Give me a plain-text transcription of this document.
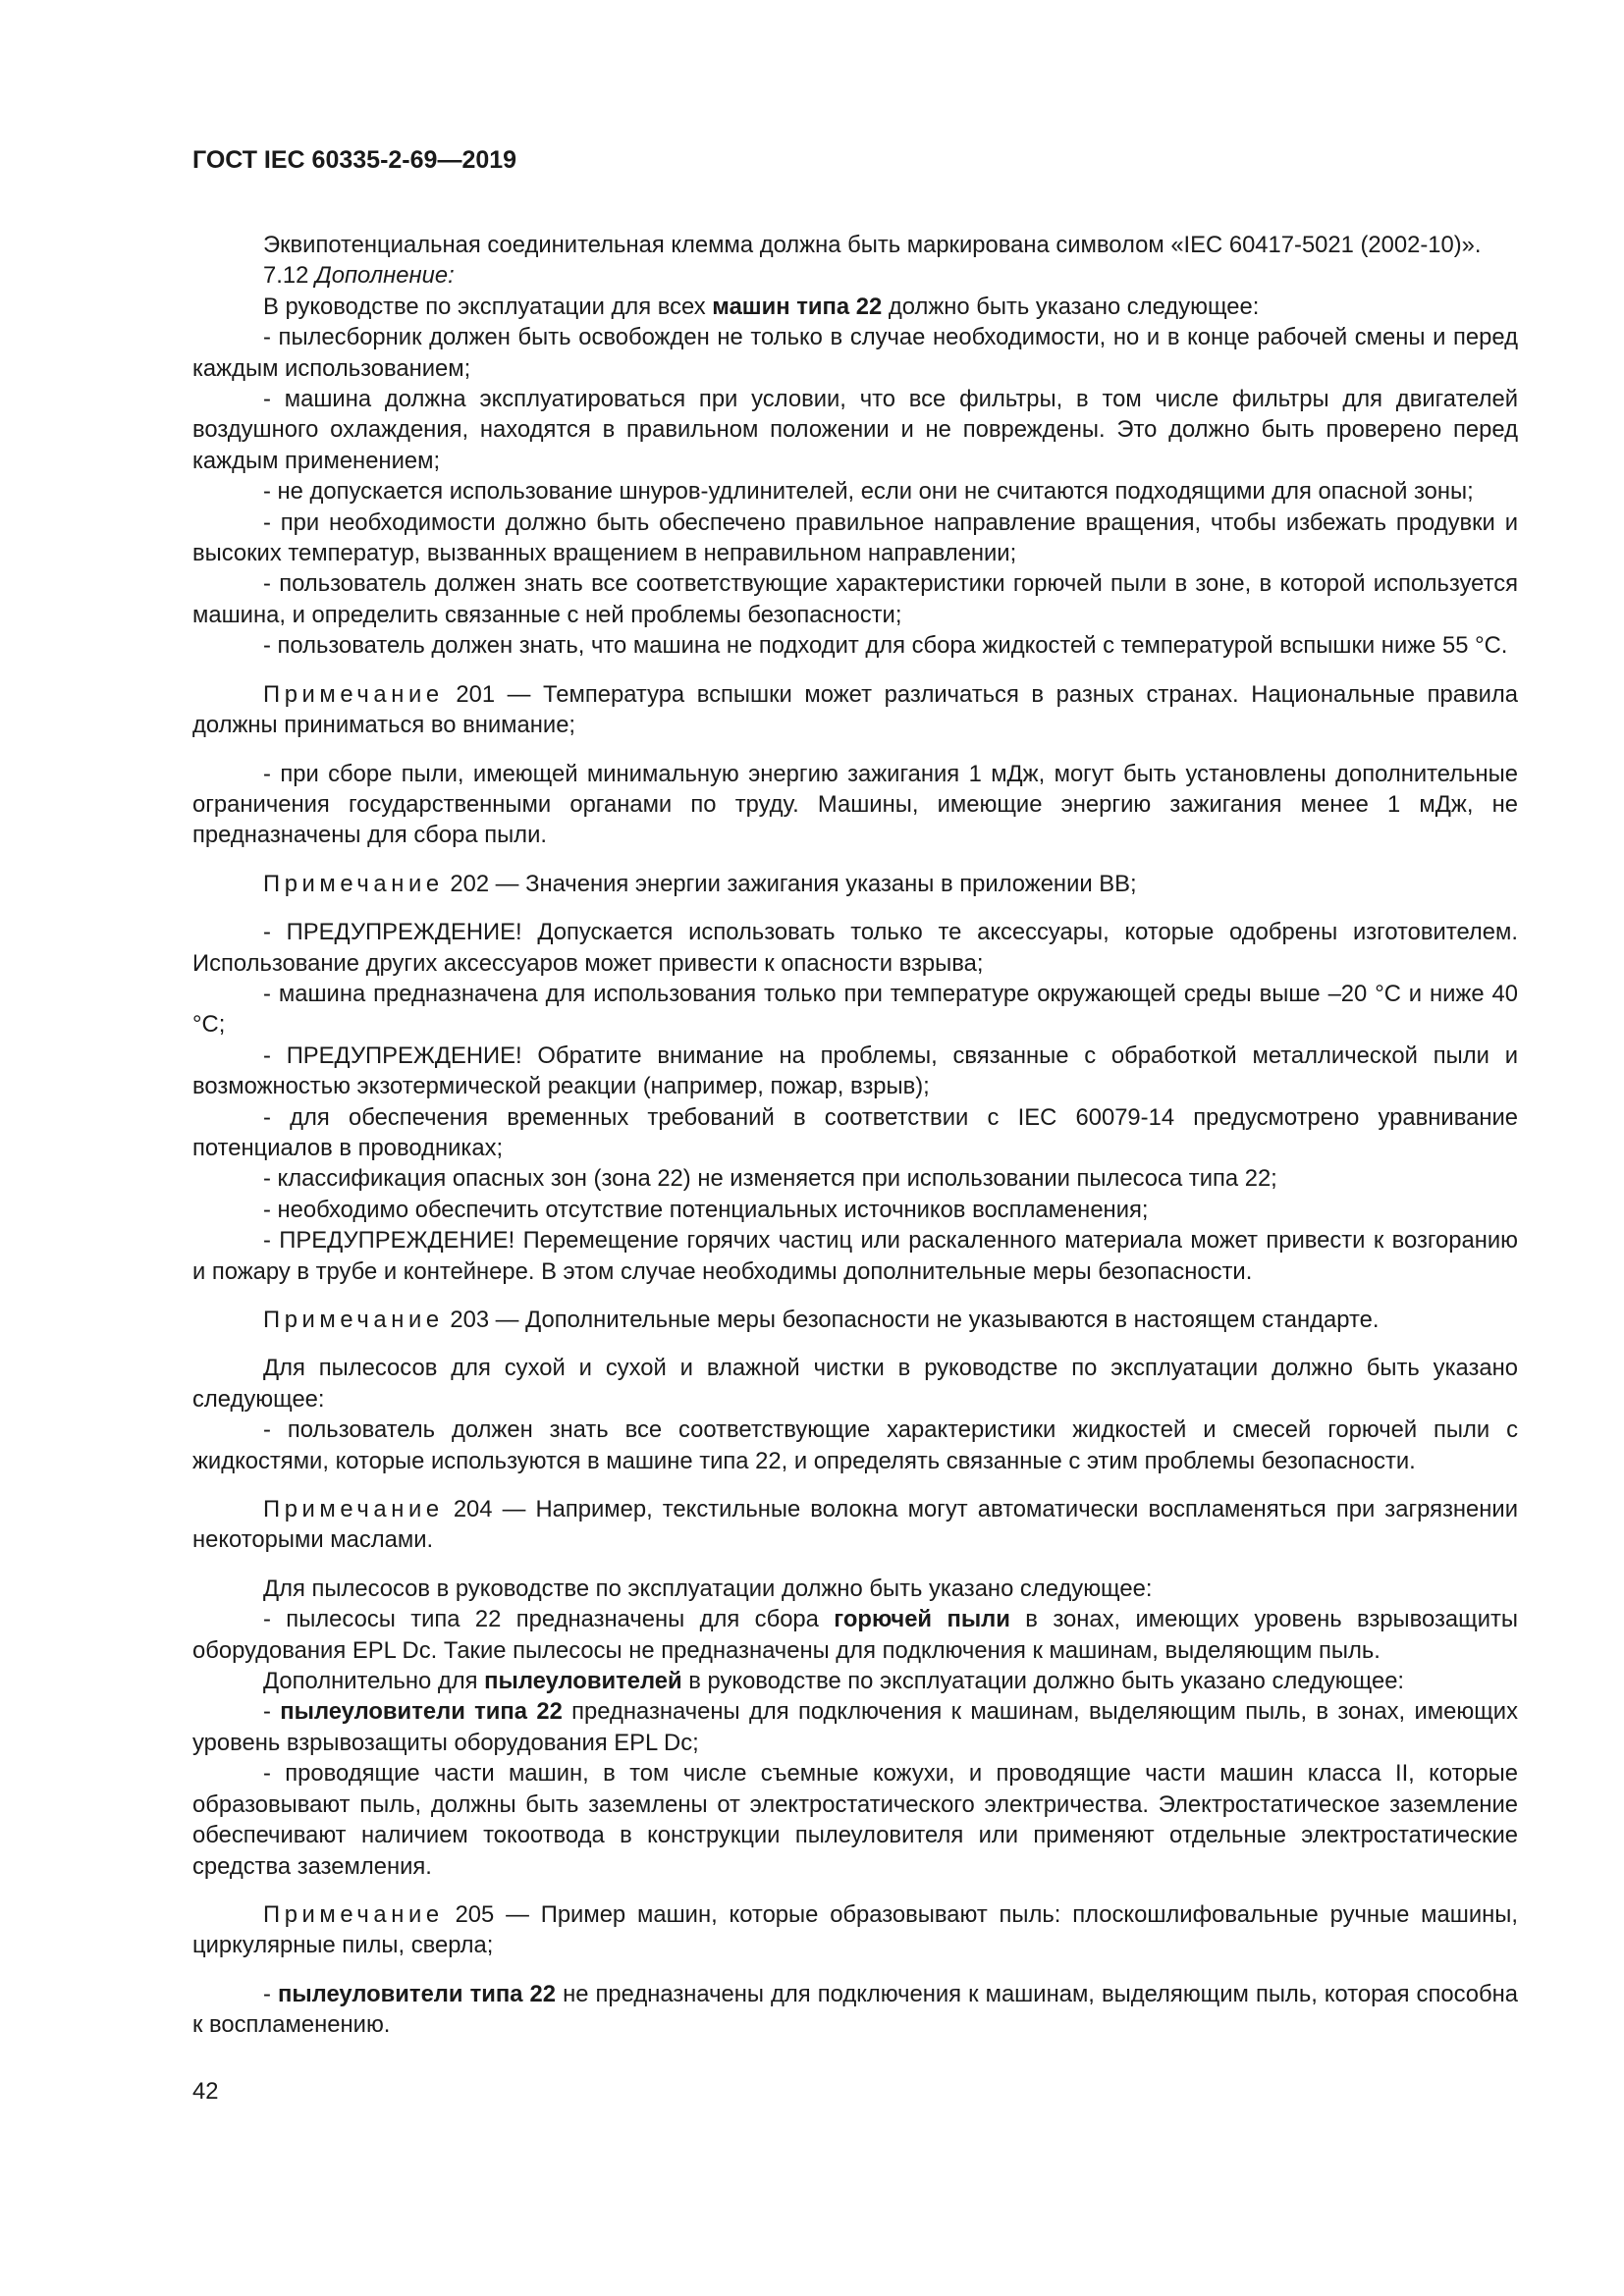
ГОСТ IEC 60335-2-69—2019

Эквипотенциальная соединительная клемма должна быть маркирована символом «IEC 60417-5021 (2002-10)».

7.12 Дополнение:

В руководстве по эксплуатации для всех машин типа 22 должно быть указано следующее:

- пылесборник должен быть освобожден не только в случае необходимости, но и в конце рабочей смены и перед каждым использованием;

- машина должна эксплуатироваться при условии, что все фильтры, в том числе фильтры для двигателей воздушного охлаждения, находятся в правильном положении и не повреждены. Это должно быть проверено перед каждым применением;

- не допускается использование шнуров-удлинителей, если они не считаются подходящими для опасной зоны;

- при необходимости должно быть обеспечено правильное направление вращения, чтобы избежать продувки и высоких температур, вызванных вращением в неправильном направлении;

- пользователь должен знать все соответствующие характеристики горючей пыли в зоне, в которой используется машина, и определить связанные с ней проблемы безопасности;

- пользователь должен знать, что машина не подходит для сбора жидкостей с температурой вспышки ниже 55 °C.

Примечание 201 — Температура вспышки может различаться в разных странах. Национальные правила должны приниматься во внимание;

- при сборе пыли, имеющей минимальную энергию зажигания 1 мДж, могут быть установлены дополнительные ограничения государственными органами по труду. Машины, имеющие энергию зажигания менее 1 мДж, не предназначены для сбора пыли.

Примечание 202 — Значения энергии зажигания указаны в приложении ВВ;

- ПРЕДУПРЕЖДЕНИЕ! Допускается использовать только те аксессуары, которые одобрены изготовителем. Использование других аксессуаров может привести к опасности взрыва;

- машина предназначена для использования только при температуре окружающей среды выше –20 °C и ниже 40 °C;

- ПРЕДУПРЕЖДЕНИЕ! Обратите внимание на проблемы, связанные с обработкой металлической пыли и возможностью экзотермической реакции (например, пожар, взрыв);

- для обеспечения временных требований в соответствии с IEC 60079-14 предусмотрено уравнивание потенциалов в проводниках;

- классификация опасных зон (зона 22) не изменяется при использовании пылесоса типа 22;

- необходимо обеспечить отсутствие потенциальных источников воспламенения;

- ПРЕДУПРЕЖДЕНИЕ! Перемещение горячих частиц или раскаленного материала может привести к возгоранию и пожару в трубе и контейнере. В этом случае необходимы дополнительные меры безопасности.

Примечание 203 — Дополнительные меры безопасности не указываются в настоящем стандарте.

Для пылесосов для сухой и сухой и влажной чистки в руководстве по эксплуатации должно быть указано следующее:

- пользователь должен знать все соответствующие характеристики жидкостей и смесей горючей пыли с жидкостями, которые используются в машине типа 22, и определять связанные с этим проблемы безопасности.

Примечание 204 — Например, текстильные волокна могут автоматически воспламеняться при загрязнении некоторыми маслами.

Для пылесосов в руководстве по эксплуатации должно быть указано следующее:

- пылесосы типа 22 предназначены для сбора горючей пыли в зонах, имеющих уровень взрывозащиты оборудования EPL Dc. Такие пылесосы не предназначены для подключения к машинам, выделяющим пыль.

Дополнительно для пылеуловителей в руководстве по эксплуатации должно быть указано следующее:

- пылеуловители типа 22 предназначены для подключения к машинам, выделяющим пыль, в зонах, имеющих уровень взрывозащиты оборудования EPL Dc;

- проводящие части машин, в том числе съемные кожухи, и проводящие части машин класса II, которые образовывают пыль, должны быть заземлены от электростатического электричества. Электростатическое заземление обеспечивают наличием токоотвода в конструкции пылеуловителя или применяют отдельные электростатические средства заземления.

Примечание 205 — Пример машин, которые образовывают пыль: плоскошлифовальные ручные машины, циркулярные пилы, сверла;

- пылеуловители типа 22 не предназначены для подключения к машинам, выделяющим пыль, которая способна к воспламенению.

42
